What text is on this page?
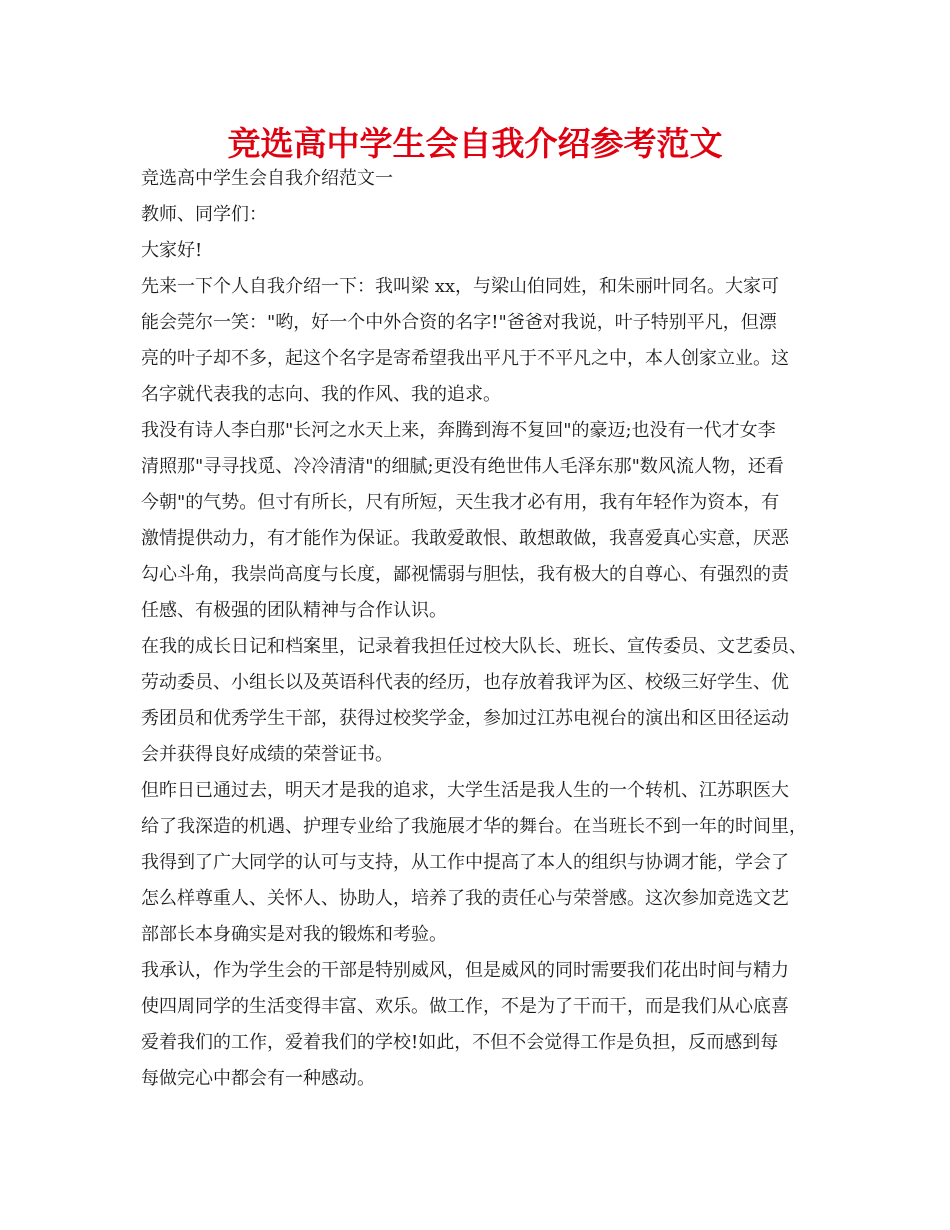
竞选高中学生会自我介绍参考范文
竞选高中学生会自我介绍范文一
教师、同学们：
大家好!
先来一下个人自我介绍一下：我叫梁 xx，与梁山伯同姓，和朱丽叶同名。大家可
能会莞尔一笑："哟，好一个中外合资的名字!"爸爸对我说，叶子特别平凡，但漂
亮的叶子却不多，起这个名字是寄希望我出平凡于不平凡之中，本人创家立业。这
名字就代表我的志向、我的作风、我的追求。
我没有诗人李白那"长河之水天上来，奔腾到海不复回"的豪迈;也没有一代才女李
清照那"寻寻找觅、冷冷清清"的细腻;更没有绝世伟人毛泽东那"数风流人物，还看
今朝"的气势。但寸有所长，尺有所短，天生我才必有用，我有年轻作为资本，有
激情提供动力，有才能作为保证。我敢爱敢恨、敢想敢做，我喜爱真心实意，厌恶
勾心斗角，我崇尚高度与长度，鄙视懦弱与胆怯，我有极大的自尊心、有强烈的责
任感、有极强的团队精神与合作认识。
在我的成长日记和档案里，记录着我担任过校大队长、班长、宣传委员、文艺委员、
劳动委员、小组长以及英语科代表的经历，也存放着我评为区、校级三好学生、优
秀团员和优秀学生干部，获得过校奖学金，参加过江苏电视台的演出和区田径运动
会并获得良好成绩的荣誉证书。
但昨日已通过去，明天才是我的追求，大学生活是我人生的一个转机、江苏职医大
给了我深造的机遇、护理专业给了我施展才华的舞台。在当班长不到一年的时间里，
我得到了广大同学的认可与支持，从工作中提高了本人的组织与协调才能，学会了
怎么样尊重人、关怀人、协助人，培养了我的责任心与荣誉感。这次参加竞选文艺
部部长本身确实是对我的锻炼和考验。
我承认，作为学生会的干部是特别威风，但是威风的同时需要我们花出时间与精力
使四周同学的生活变得丰富、欢乐。做工作，不是为了干而干，而是我们从心底喜
爱着我们的工作，爱着我们的学校!如此，不但不会觉得工作是负担，反而感到每
每做完心中都会有一种感动。
